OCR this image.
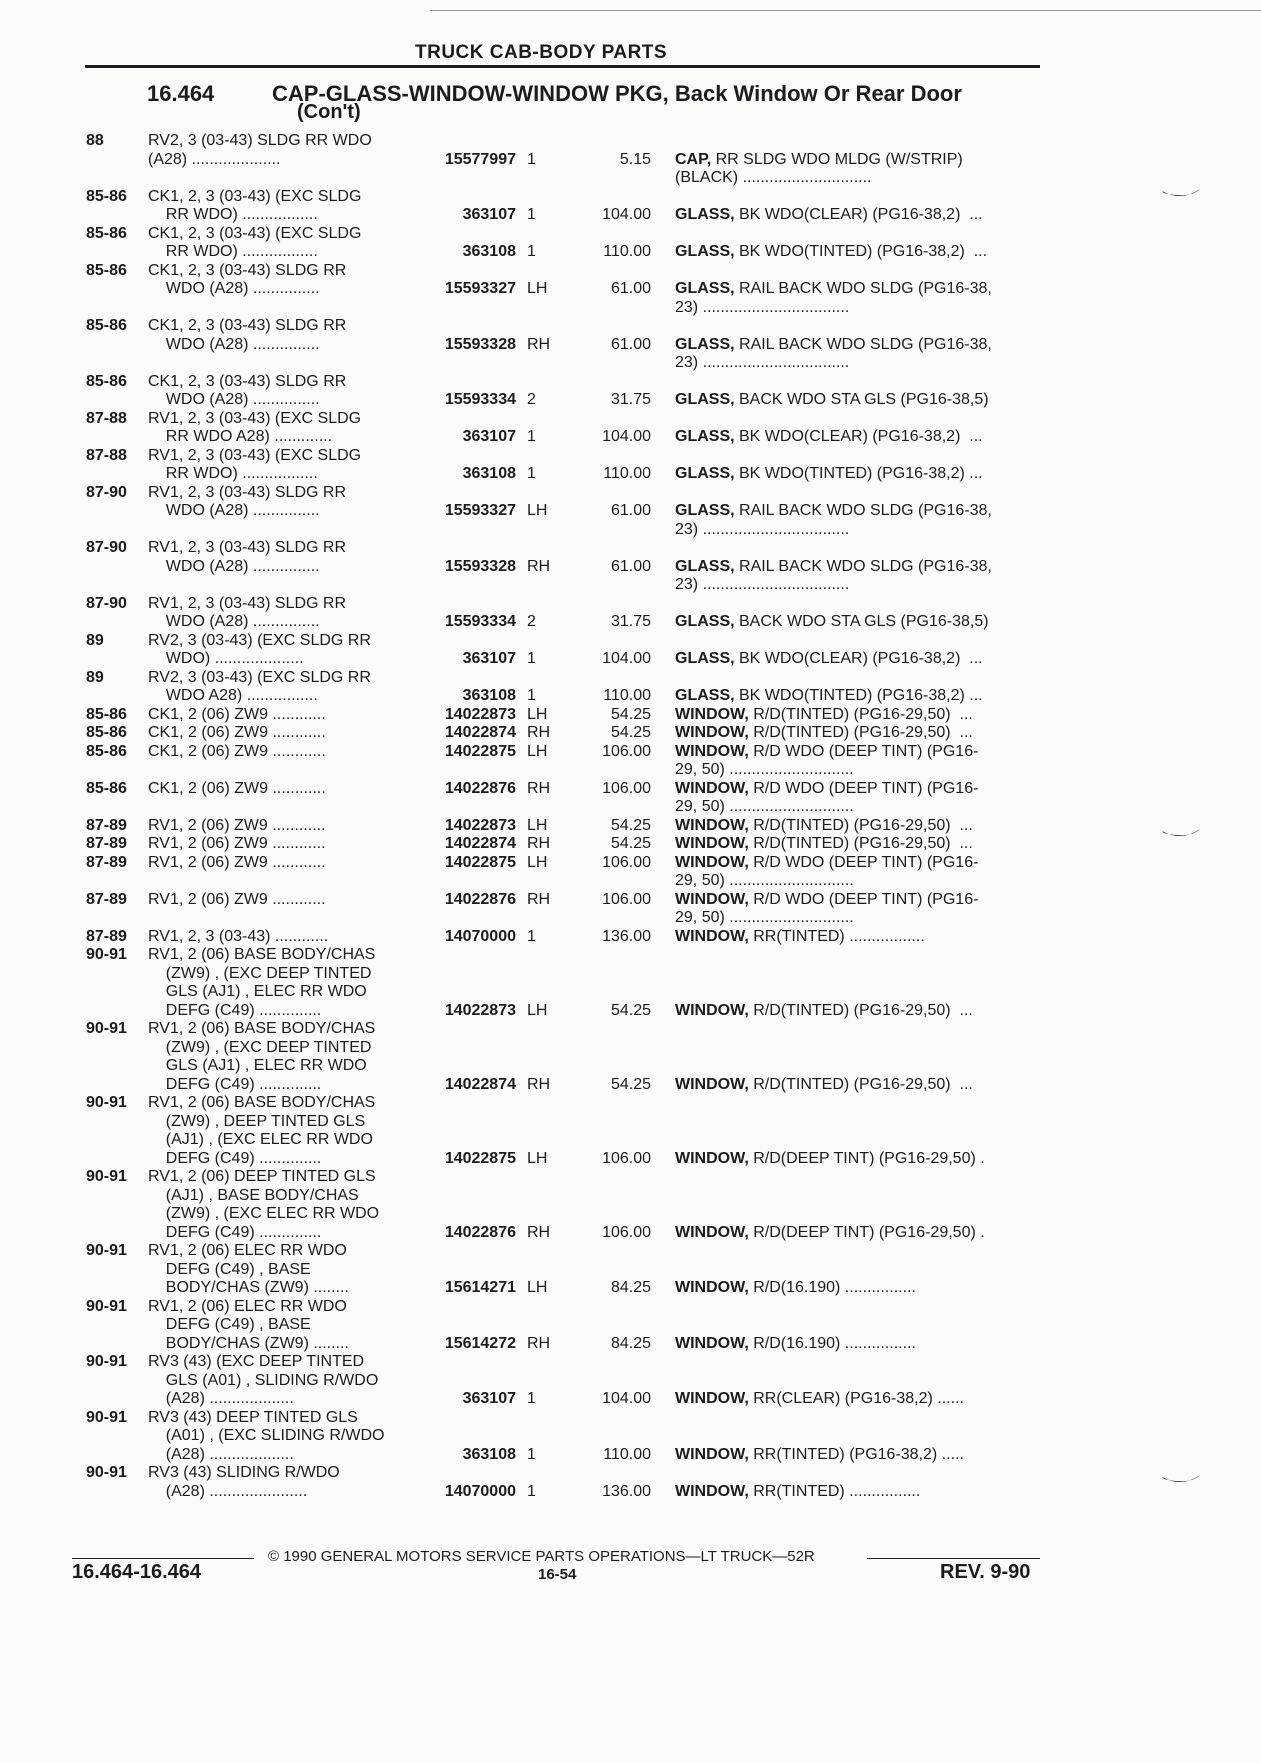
TRUCK CAB-BODY PARTS
16.464	CAP-GLASS-WINDOW-WINDOW PKG, Back Window Or Rear Door
(Con't)
88	RV2, 3 (03-43) SLDG RR WDO
(A28) ....................	15577997 1	5.15 CAP, RR SLDG WDO MLDG (W/STRIP)
(BLACK) .............................
85-86 CK1, 2, 3 (03-43) (EXC SLDG
RR WDO) .................	363107 1	104.00 GLASS, BK WDO(CLEAR) (PG16-38,2)  ...
85-86 CK1, 2, 3 (03-43) (EXC SLDG
RR WDO) .................	363108 1	110.00 GLASS, BK WDO(TINTED) (PG16-38,2)  ...
85-86 CK1, 2, 3 (03-43) SLDG RR
WDO (A28) ...............	15593327 LH	61.00 GLASS, RAIL BACK WDO SLDG (PG16-38,
23) .................................
85-86 CK1, 2, 3 (03-43) SLDG RR
WDO (A28) ...............	15593328 RH	61.00 GLASS, RAIL BACK WDO SLDG (PG16-38,
23) .................................
85-86 CK1, 2, 3 (03-43) SLDG RR
WDO (A28) ...............	15593334 2	31.75 GLASS, BACK WDO STA GLS (PG16-38,5)
87-88 RV1, 2, 3 (03-43) (EXC SLDG
RR WDO A28) .............	363107 1	104.00 GLASS, BK WDO(CLEAR) (PG16-38,2)  ...
87-88 RV1, 2, 3 (03-43) (EXC SLDG
RR WDO) .................	363108 1	110.00 GLASS, BK WDO(TINTED) (PG16-38,2) ...
87-90 RV1, 2, 3 (03-43) SLDG RR
WDO (A28) ...............	15593327 LH	61.00 GLASS, RAIL BACK WDO SLDG (PG16-38,
23) .................................
87-90 RV1, 2, 3 (03-43) SLDG RR
WDO (A28) ...............	15593328 RH	61.00 GLASS, RAIL BACK WDO SLDG (PG16-38,
23) .................................
87-90 RV1, 2, 3 (03-43) SLDG RR
WDO (A28) ...............	15593334 2	31.75 GLASS, BACK WDO STA GLS (PG16-38,5)
89	RV2, 3 (03-43) (EXC SLDG RR
WDO) ....................	363107 1	104.00 GLASS, BK WDO(CLEAR) (PG16-38,2)  ...
89	RV2, 3 (03-43) (EXC SLDG RR
WDO A28) ................	363108 1	110.00 GLASS, BK WDO(TINTED) (PG16-38,2) ...
85-86 CK1, 2 (06) ZW9 ............	14022873 LH	54.25 WINDOW, R/D(TINTED) (PG16-29,50)  ...
85-86 CK1, 2 (06) ZW9 ............	14022874 RH	54.25 WINDOW, R/D(TINTED) (PG16-29,50)  ...
85-86 CK1, 2 (06) ZW9 ............	14022875 LH	106.00 WINDOW, R/D WDO (DEEP TINT) (PG16-
29, 50) ............................
85-86 CK1, 2 (06) ZW9 ............	14022876 RH	106.00 WINDOW, R/D WDO (DEEP TINT) (PG16-
29, 50) ............................
87-89 RV1, 2 (06) ZW9 ............	14022873 LH	54.25 WINDOW, R/D(TINTED) (PG16-29,50)  ...
87-89 RV1, 2 (06) ZW9 ............	14022874 RH	54.25 WINDOW, R/D(TINTED) (PG16-29,50)  ...
87-89 RV1, 2 (06) ZW9 ............	14022875 LH	106.00 WINDOW, R/D WDO (DEEP TINT) (PG16-
29, 50) ............................
87-89 RV1, 2 (06) ZW9 ............	14022876 RH	106.00 WINDOW, R/D WDO (DEEP TINT) (PG16-
29, 50) ............................
87-89 RV1, 2, 3 (03-43) ............	14070000 1	136.00 WINDOW, RR(TINTED) .................
90-91 RV1, 2 (06) BASE BODY/CHAS
(ZW9) , (EXC DEEP TINTED
GLS (AJ1) , ELEC RR WDO
DEFG (C49) ..............	14022873 LH	54.25 WINDOW, R/D(TINTED) (PG16-29,50)  ...
90-91 RV1, 2 (06) BASE BODY/CHAS
(ZW9) , (EXC DEEP TINTED
GLS (AJ1) , ELEC RR WDO
DEFG (C49) ..............	14022874 RH	54.25 WINDOW, R/D(TINTED) (PG16-29,50)  ...
90-91 RV1, 2 (06) BASE BODY/CHAS
(ZW9) , DEEP TINTED GLS
(AJ1) , (EXC ELEC RR WDO
DEFG (C49) ..............	14022875 LH	106.00 WINDOW, R/D(DEEP TINT) (PG16-29,50) .
90-91 RV1, 2 (06) DEEP TINTED GLS
(AJ1) , BASE BODY/CHAS
(ZW9) , (EXC ELEC RR WDO
DEFG (C49) ..............	14022876 RH	106.00 WINDOW, R/D(DEEP TINT) (PG16-29,50) .
90-91 RV1, 2 (06) ELEC RR WDO
DEFG (C49) , BASE
BODY/CHAS (ZW9) ........	15614271 LH	84.25 WINDOW, R/D(16.190) ................
90-91 RV1, 2 (06) ELEC RR WDO
DEFG (C49) , BASE
BODY/CHAS (ZW9) ........	15614272 RH	84.25 WINDOW, R/D(16.190) ................
90-91 RV3 (43) (EXC DEEP TINTED
GLS (A01) , SLIDING R/WDO
(A28) ...................	363107 1	104.00 WINDOW, RR(CLEAR) (PG16-38,2) ......
90-91 RV3 (43) DEEP TINTED GLS
(A01) , (EXC SLIDING R/WDO
(A28) ...................	363108 1	110.00 WINDOW, RR(TINTED) (PG16-38,2) .....
90-91 RV3 (43) SLIDING R/WDO
(A28) ......................	14070000 1	136.00 WINDOW, RR(TINTED) ................
© 1990 GENERAL MOTORS SERVICE PARTS OPERATIONS—LT TRUCK—52R
16.464-16.464	16-54	REV. 9-90
